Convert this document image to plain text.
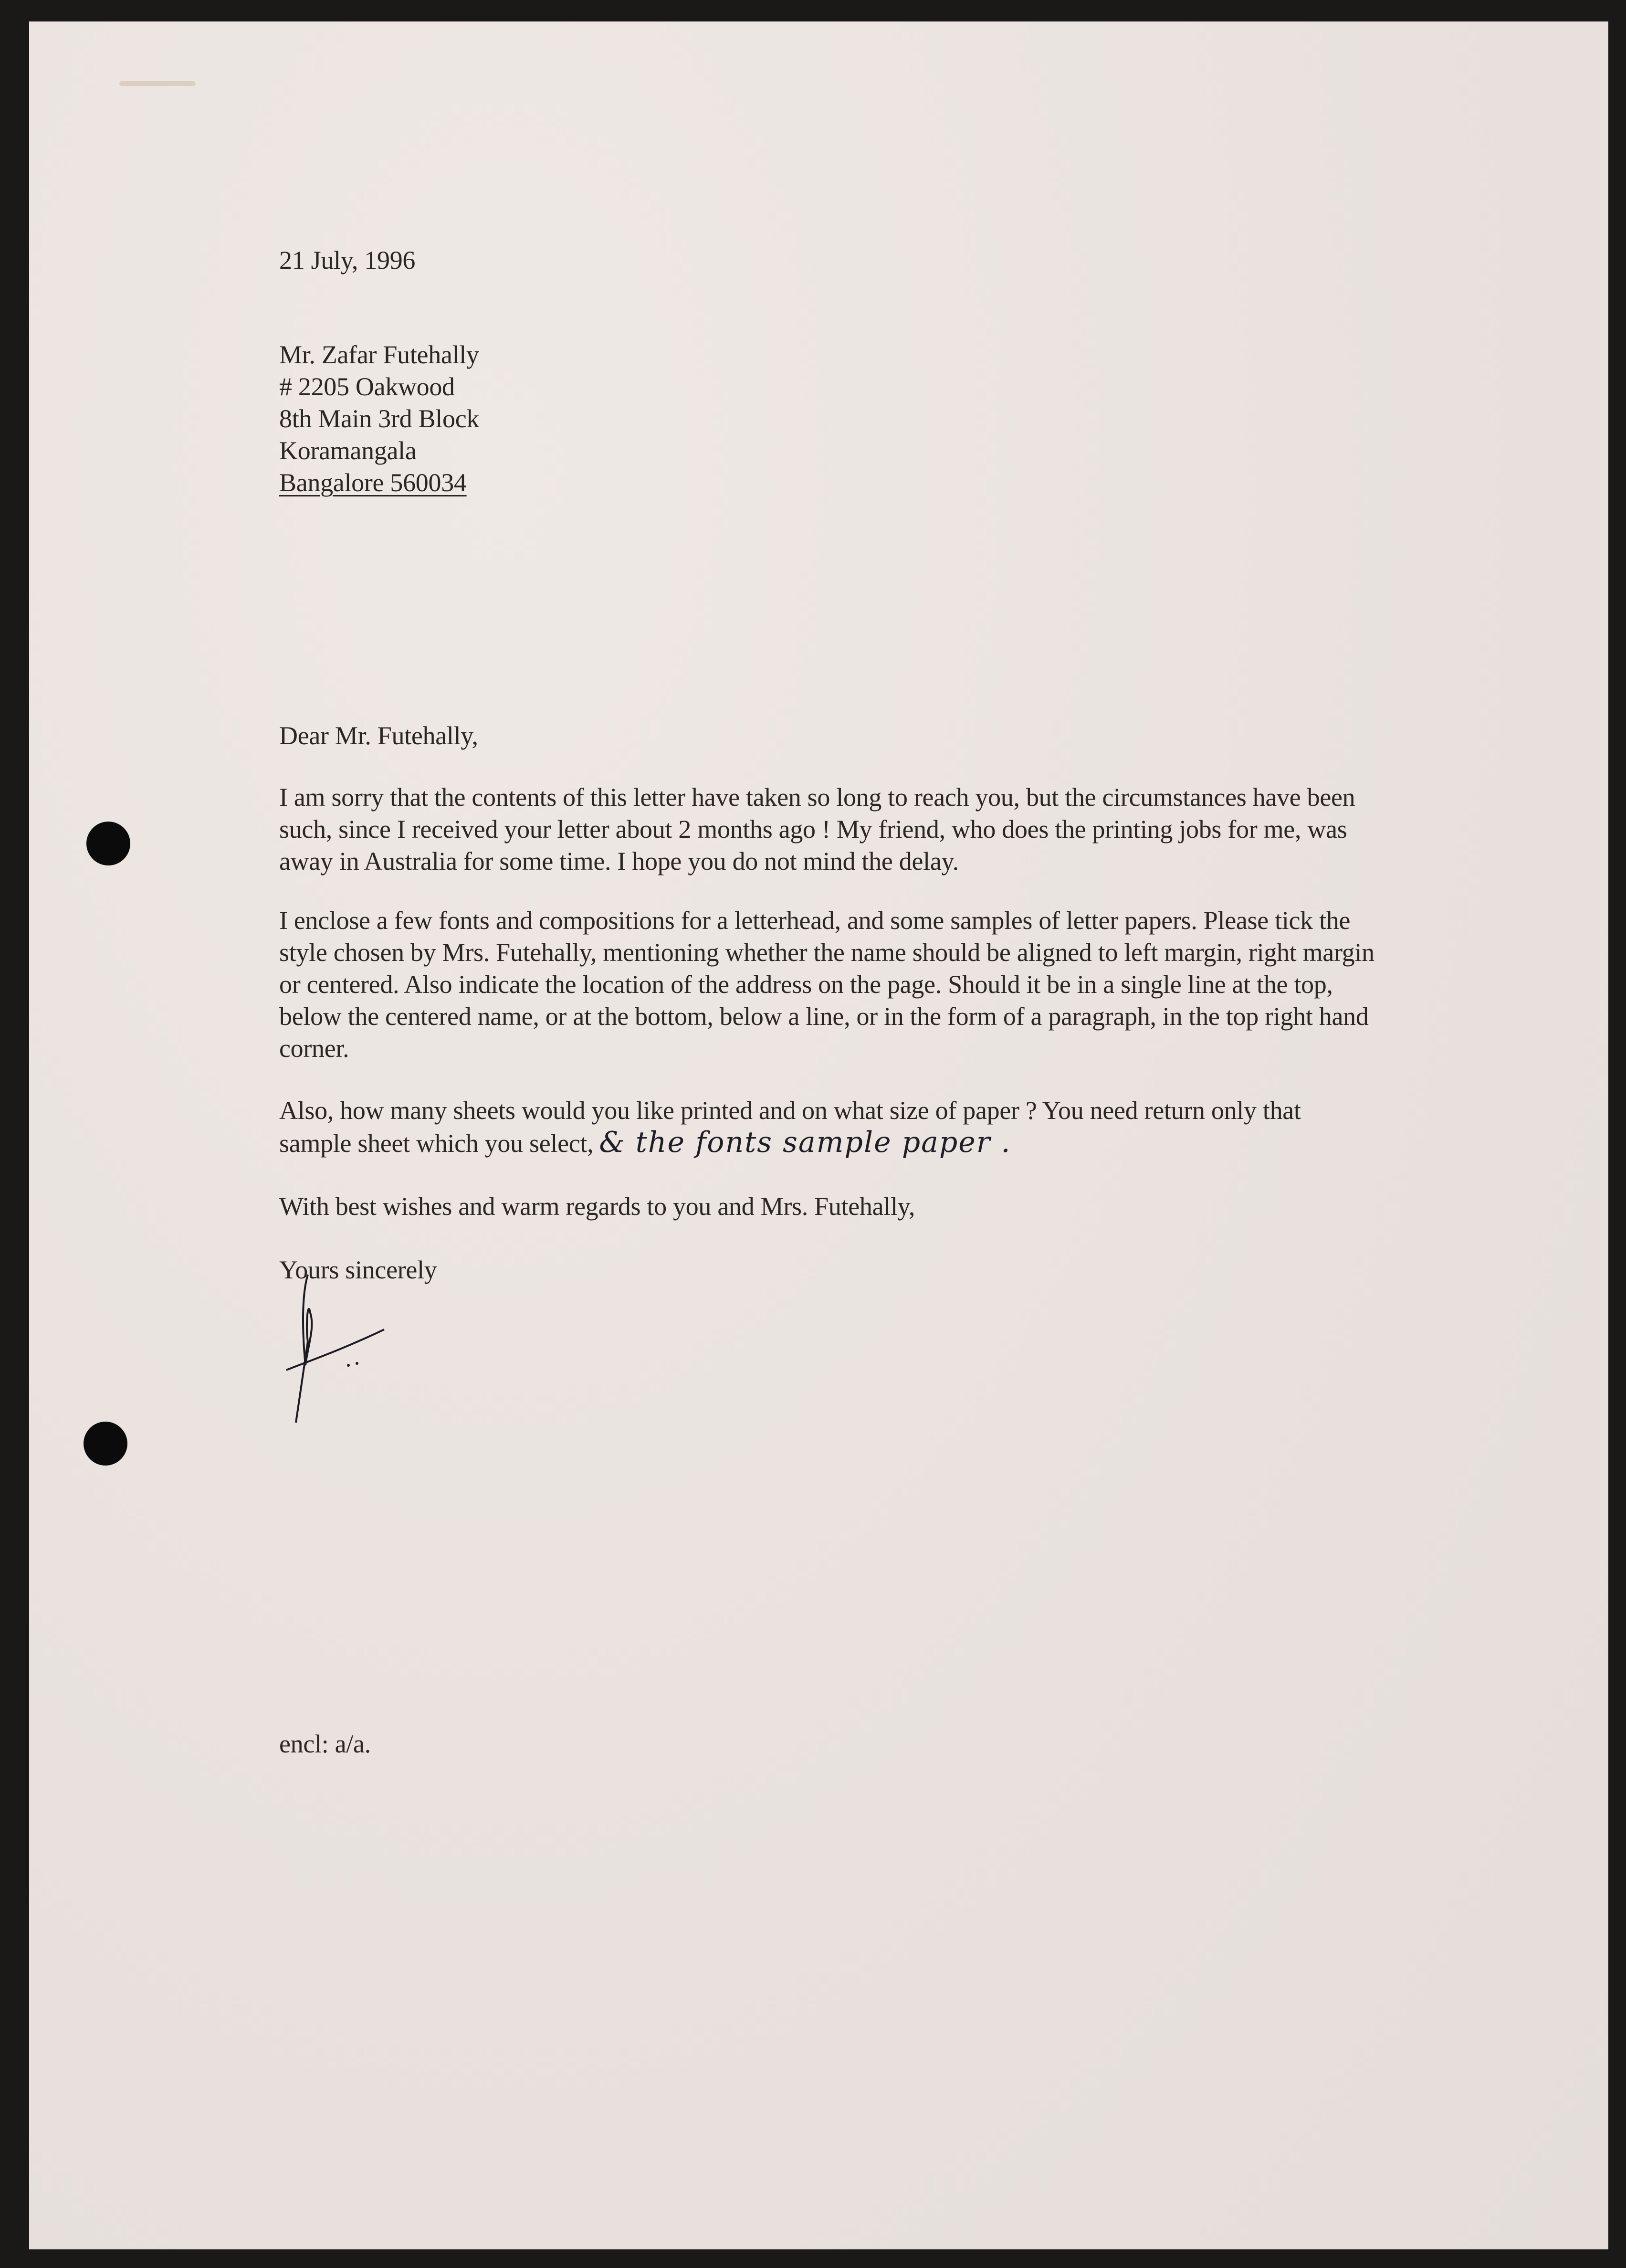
21 July, 1996
Mr. Zafar Futehally
# 2205 Oakwood
8th Main 3rd Block
Koramangala
Bangalore 560034
Dear Mr. Futehally,
I am sorry that the contents of this letter have taken so long to reach you, but the circumstances have been
such, since I received your letter about 2 months ago ! My friend, who does the printing jobs for me, was
away in Australia for some time. I hope you do not mind the delay.
I enclose a few fonts and compositions for a letterhead, and some samples of letter papers. Please tick the
style chosen by Mrs. Futehally, mentioning whether the name should be aligned to left margin, right margin
or centered. Also indicate the location of the address on the page. Should it be in a single line at the top,
below the centered name, or at the bottom, below a line, or in the form of a paragraph, in the top right hand
corner.
Also, how many sheets would you like printed and on what size of paper ? You need return only that
sample sheet which you select, & the fonts sample paper .
With best wishes and warm regards to you and Mrs. Futehally,
Yours sincerely
encl: a/a.
